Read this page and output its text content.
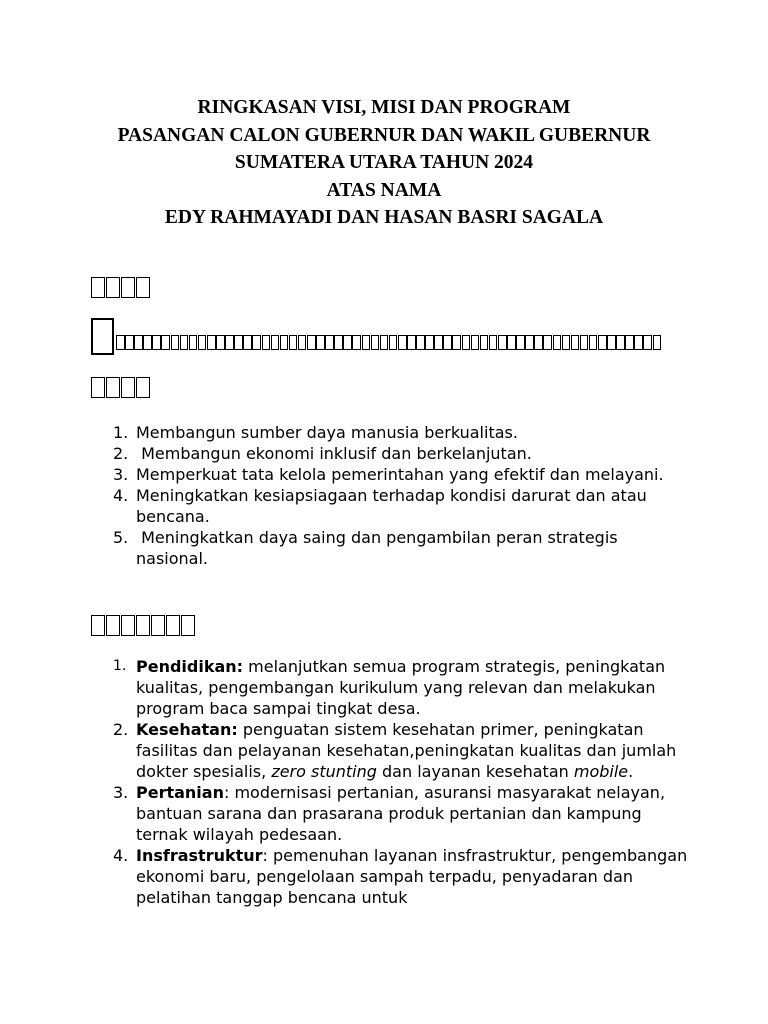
RINGKASAN VISI, MISI DAN PROGRAM
PASANGAN CALON GUBERNUR DAN WAKIL GUBERNUR
SUMATERA UTARA TAHUN 2024
ATAS NAMA
EDY RAHMAYADI DAN HASAN BASRI SAGALA
1. Membangun sumber daya manusia berkualitas.
2. Membangun ekonomi inklusif dan berkelanjutan.
3. Memperkuat tata kelola pemerintahan yang efektif dan melayani.
4. Meningkatkan kesiapsiagaan terhadap kondisi darurat dan atau bencana.
5. Meningkatkan daya saing dan pengambilan peran strategis nasional.
1. Pendidikan: melanjutkan semua program strategis, peningkatan kualitas, pengembangan kurikulum yang relevan dan melakukan program baca sampai tingkat desa.
2. Kesehatan: penguatan sistem kesehatan primer, peningkatan fasilitas dan pelayanan kesehatan,peningkatan kualitas dan jumlah dokter spesialis, zero stunting dan layanan kesehatan mobile.
3. Pertanian: modernisasi pertanian, asuransi masyarakat nelayan, bantuan sarana dan prasarana produk pertanian dan kampung ternak wilayah pedesaan.
4. Insfrastruktur: pemenuhan layanan insfrastruktur, pengembangan ekonomi baru, pengelolaan sampah terpadu, penyadaran dan pelatihan tanggap bencana untuk
